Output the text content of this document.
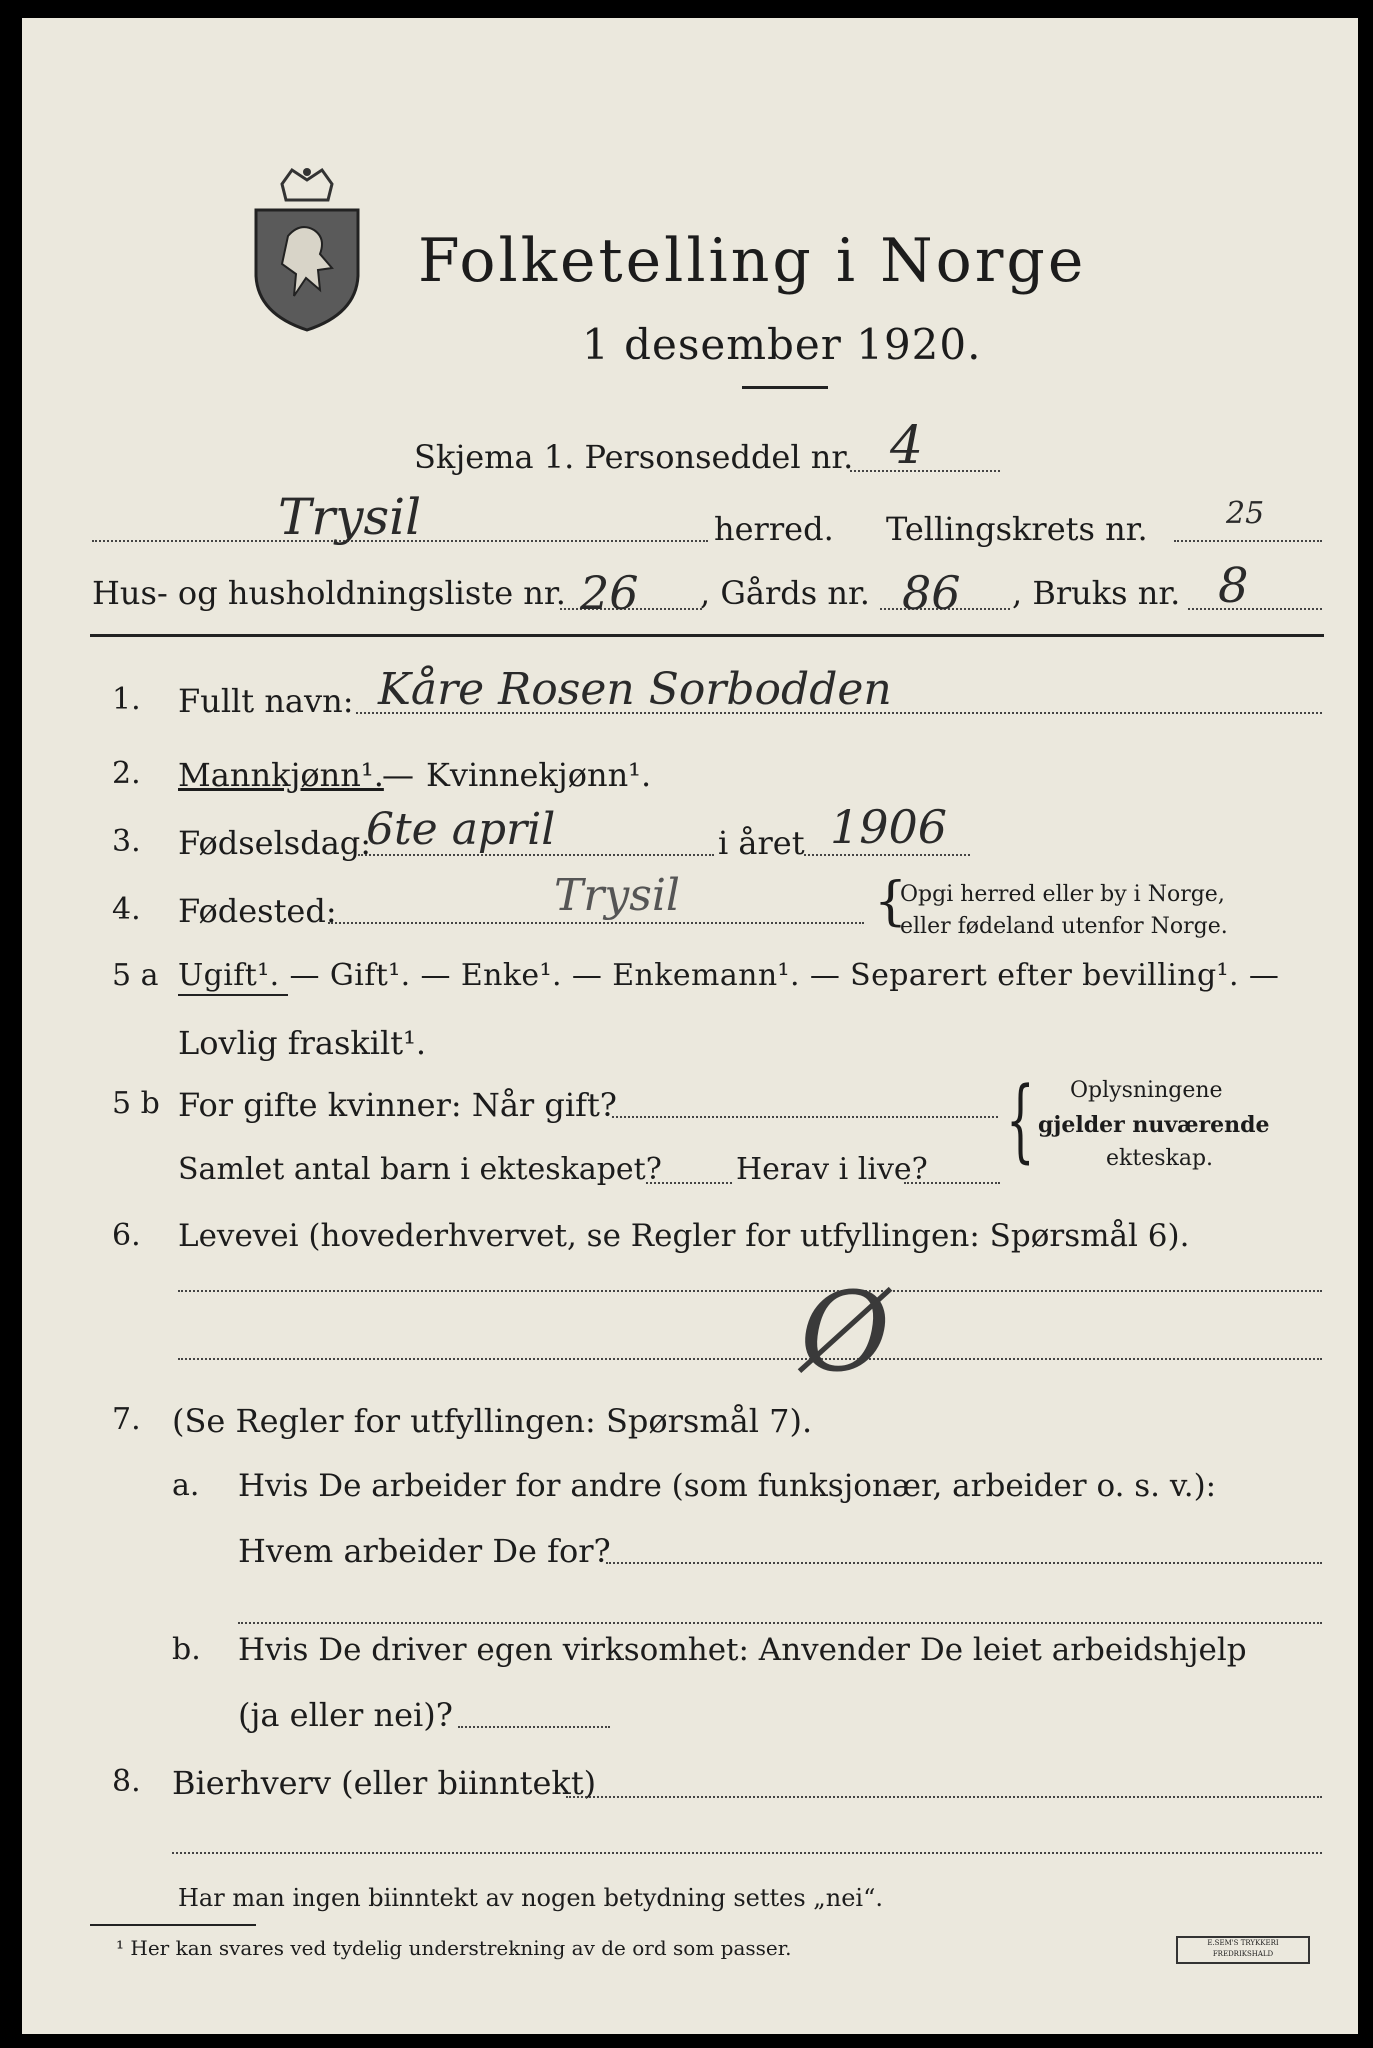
Folketelling i Norge
1 desember 1920.
Skjema 1. Personseddel nr. 4
Trysil	herred. Tellingskrets nr.	25
Hus- og husholdningsliste nr. 26 , Gårds nr. 86 , Bruks nr. 8
1. Fullt navn: Kåre Rosen Sorbodden
2. Mannkjønn¹.
— Kvinnekjønn¹.
3. Fødselsdag:
6te april	i året 1906
4. Fødested:	Trysil	{
Opgi herred eller by i Norge,
eller fødeland utenfor Norge.
5 a Ugift¹. — Gift¹. — Enke¹. — Enkemann¹. — Separert efter bevilling¹. —
Lovlig fraskilt¹.
5 b For gifte kvinner: Når gift?
Samlet antal barn i ekteskapet? Herav i live? { Oplysningene
gjelder nuværende
ekteskap.
6. Levevei (hovederhvervet, se Regler for utfyllingen: Spørsmål 6).
Ø
7. (Se Regler for utfyllingen: Spørsmål 7).
a. Hvis De arbeider for andre (som funksjonær, arbeider o. s. v.):
Hvem arbeider De for?
b. Hvis De driver egen virksomhet: Anvender De leiet arbeidshjelp
(ja eller nei)?
8. Bierhverv (eller biinntekt)
Har man ingen biinntekt av nogen betydning settes „nei“.
¹ Her kan svares ved tydelig understrekning av de ord som passer.	E.SEM'S TRYKKERI FREDRIKSHALD
